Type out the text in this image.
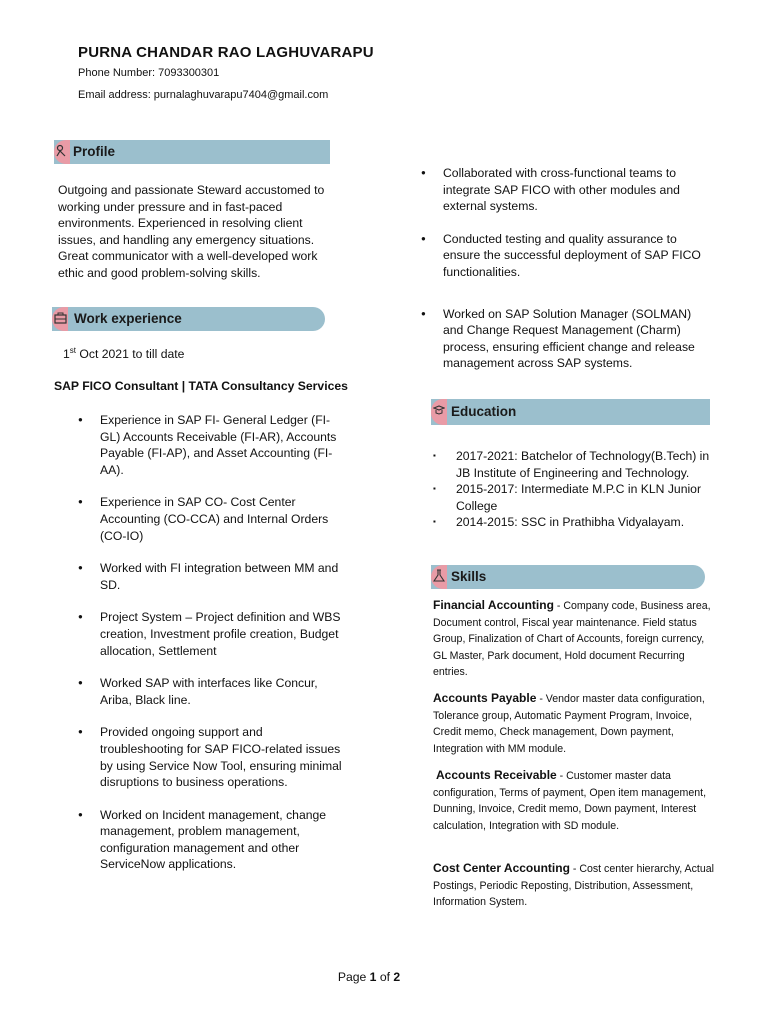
PURNA CHANDAR RAO LAGHUVARAPU
Phone Number: 7093300301
Email address: purnalaghuvarapu7404@gmail.com
Profile
Outgoing and passionate Steward accustomed to working under pressure and in fast-paced environments. Experienced in resolving client issues, and handling any emergency situations. Great communicator with a well-developed work ethic and good problem-solving skills.
Work experience
1st Oct 2021 to till date
SAP FICO Consultant | TATA Consultancy Services
● Experience in SAP FI- General Ledger (FI-GL) Accounts Receivable (FI-AR), Accounts Payable (FI-AP), and Asset Accounting (FI-AA).
● Experience in SAP CO- Cost Center Accounting (CO-CCA) and Internal Orders (CO-IO)
● Worked with FI integration between MM and SD.
● Project System – Project definition and WBS creation, Investment profile creation, Budget allocation, Settlement
● Worked SAP with interfaces like Concur, Ariba, Black line.
● Provided ongoing support and troubleshooting for SAP FICO-related issues by using Service Now Tool, ensuring minimal disruptions to business operations.
● Worked on Incident management, change management, problem management, configuration management and other ServiceNow applications.
● Collaborated with cross-functional teams to integrate SAP FICO with other modules and external systems.
● Conducted testing and quality assurance to ensure the successful deployment of SAP FICO functionalities.
● Worked on SAP Solution Manager (SOLMAN) and Change Request Management (Charm) process, ensuring efficient change and release management across SAP systems.
Education
▪ 2017-2021: Batchelor of Technology(B.Tech) in JB Institute of Engineering and Technology.
▪ 2015-2017: Intermediate M.P.C in KLN Junior College
▪ 2014-2015: SSC in Prathibha Vidyalayam.
Skills
Financial Accounting - Company code, Business area, Document control, Fiscal year maintenance. Field status Group, Finalization of Chart of Accounts, foreign currency, GL Master, Park document, Hold document Recurring entries.
Accounts Payable - Vendor master data configuration, Tolerance group, Automatic Payment Program, Invoice, Credit memo, Check management, Down payment, Integration with MM module.
Accounts Receivable - Customer master data configuration, Terms of payment, Open item management, Dunning, Invoice, Credit memo, Down payment, Interest calculation, Integration with SD module.
Cost Center Accounting - Cost center hierarchy, Actual Postings, Periodic Reposting, Distribution, Assessment, Information System.
Page 1 of 2
